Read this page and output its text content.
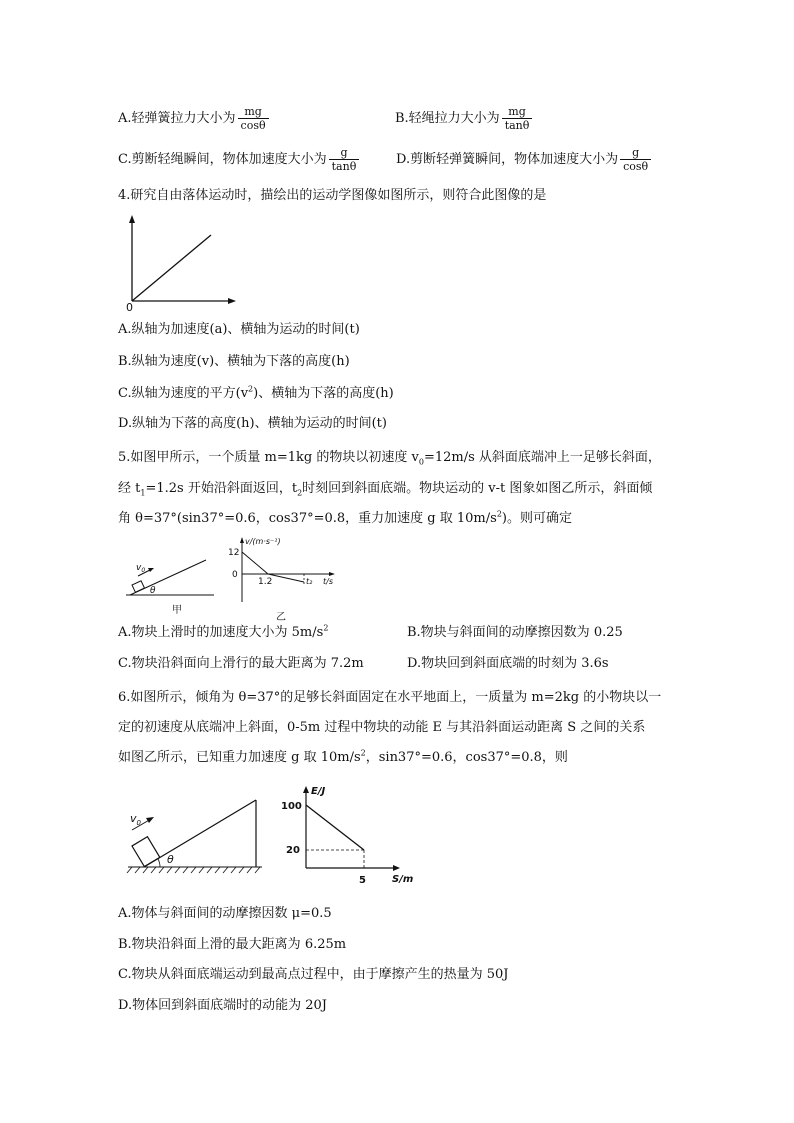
A.轻弹簧拉力大小为 $\frac{mg}{\cos\theta}$	B.轻绳拉力大小为 $\frac{mg}{\tan\theta}$
C.剪断轻绳瞬间，物体加速度大小为 $\frac{g}{\tan\theta}$	D.剪断轻弹簧瞬间，物体加速度大小为 $\frac{g}{\cos\theta}$
4.研究自由落体运动时，描绘出的运动学图像如图所示，则符合此图像的是
0
A.纵轴为加速度(a)、横轴为运动的时间(t)
B.纵轴为速度(v)、横轴为下落的高度(h)
C.纵轴为速度的平方$(v^2)$、横轴为下落的高度(h)
D.纵轴为下落的高度(h)、横轴为运动的时间(t)
5.如图甲所示，一个质量 m=1kg 的物块以初速度 $v_0=12m/s$ 从斜面底端冲上一足够长斜面，
经 $t_1=1.2s$ 开始沿斜面返回，$t_2$时刻回到斜面底端。物块运动的 v-t 图象如图乙所示，斜面倾
角 θ=37°(sin37°=0.6，cos37°=0.8，重力加速度 g 取 $10m/s^2$)。则可确定
$v_0$
θ
甲
v/(m·s⁻¹)
t/s
12
0
1.2	t₂
乙
A.物块上滑时的加速度大小为 $5m/s^2$	B.物块与斜面间的动摩擦因数为 0.25
C.物块沿斜面向上滑行的最大距离为 7.2m	D.物块回到斜面底端的时刻为 3.6s
6.如图所示，倾角为 θ=37°的足够长斜面固定在水平地面上，一质量为 m=2kg 的小物块以一
定的初速度从底端冲上斜面，0-5m 过程中物块的动能 E 与其沿斜面运动距离 S 之间的关系
如图乙所示，已知重力加速度 g 取 $10m/s^2$，sin37°=0.6，cos37°=0.8，则
$v_0$
θ
E/J
S/m
100
20
5
A.物体与斜面间的动摩擦因数 μ=0.5
B.物块沿斜面上滑的最大距离为 6.25m
C.物块从斜面底端运动到最高点过程中，由于摩擦产生的热量为 50J
D.物体回到斜面底端时的动能为 20J
